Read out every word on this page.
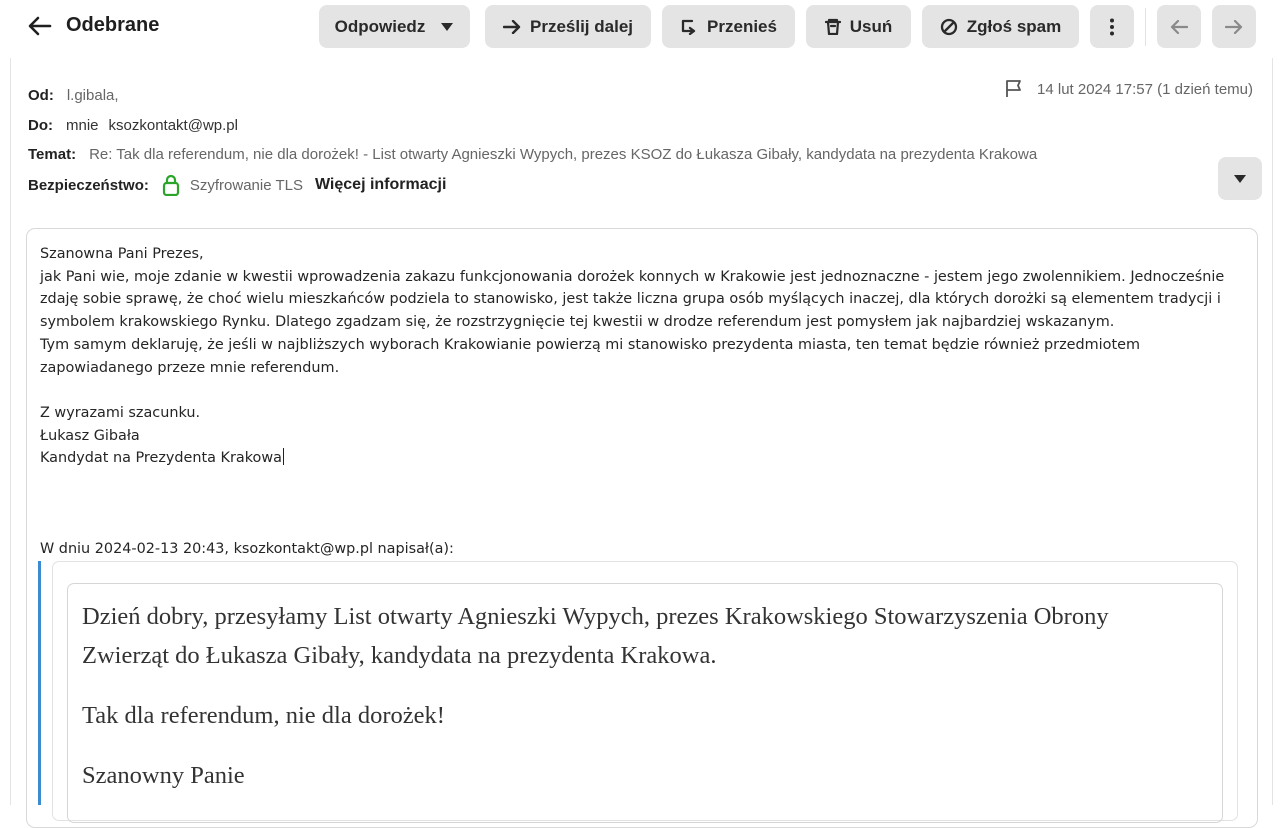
Odebrane	Odpowiedz	Prześlij dalej	Przenieś	Usuń	Zgłoś spam
Od: l.gibala,	14 lut 2024 17:57 (1 dzień temu)
Do: mnie ksozkontakt@wp.pl
Temat: Re: Tak dla referendum, nie dla dorożek! - List otwarty Agnieszki Wypych, prezes KSOZ do Łukasza Gibały, kandydata na prezydenta Krakowa
Bezpieczeństwo:	Szyfrowanie TLS Więcej informacji

Szanowna Pani Prezes,

jak Pani wie, moje zdanie w kwestii wprowadzenia zakazu funkcjonowania dorożek konnych w Krakowie jest jednoznaczne - jestem jego zwolennikiem. Jednocześnie zdaję sobie sprawę, że choć wielu mieszkańców podziela to stanowisko, jest także liczna grupa osób myślących inaczej, dla których dorożki są elementem tradycji i symbolem krakowskiego Rynku. Dlatego zgadzam się, że rozstrzygnięcie tej kwestii w drodze referendum jest pomysłem jak najbardziej wskazanym.

Tym samym deklaruję, że jeśli w najbliższych wyborach Krakowianie powierzą mi stanowisko prezydenta miasta, ten temat będzie również przedmiotem zapowiadanego przeze mnie referendum.

Z wyrazami szacunku.

Łukasz Gibała

Kandydat na Prezydenta Krakowa

W dniu 2024-02-13 20:43, ksozkontakt@wp.pl napisał(a):

Dzień dobry, przesyłamy List otwarty Agnieszki Wypych, prezes Krakowskiego Stowarzyszenia Obrony Zwierząt do Łukasza Gibały, kandydata na prezydenta Krakowa.

Tak dla referendum, nie dla dorożek!

Szanowny Panie
